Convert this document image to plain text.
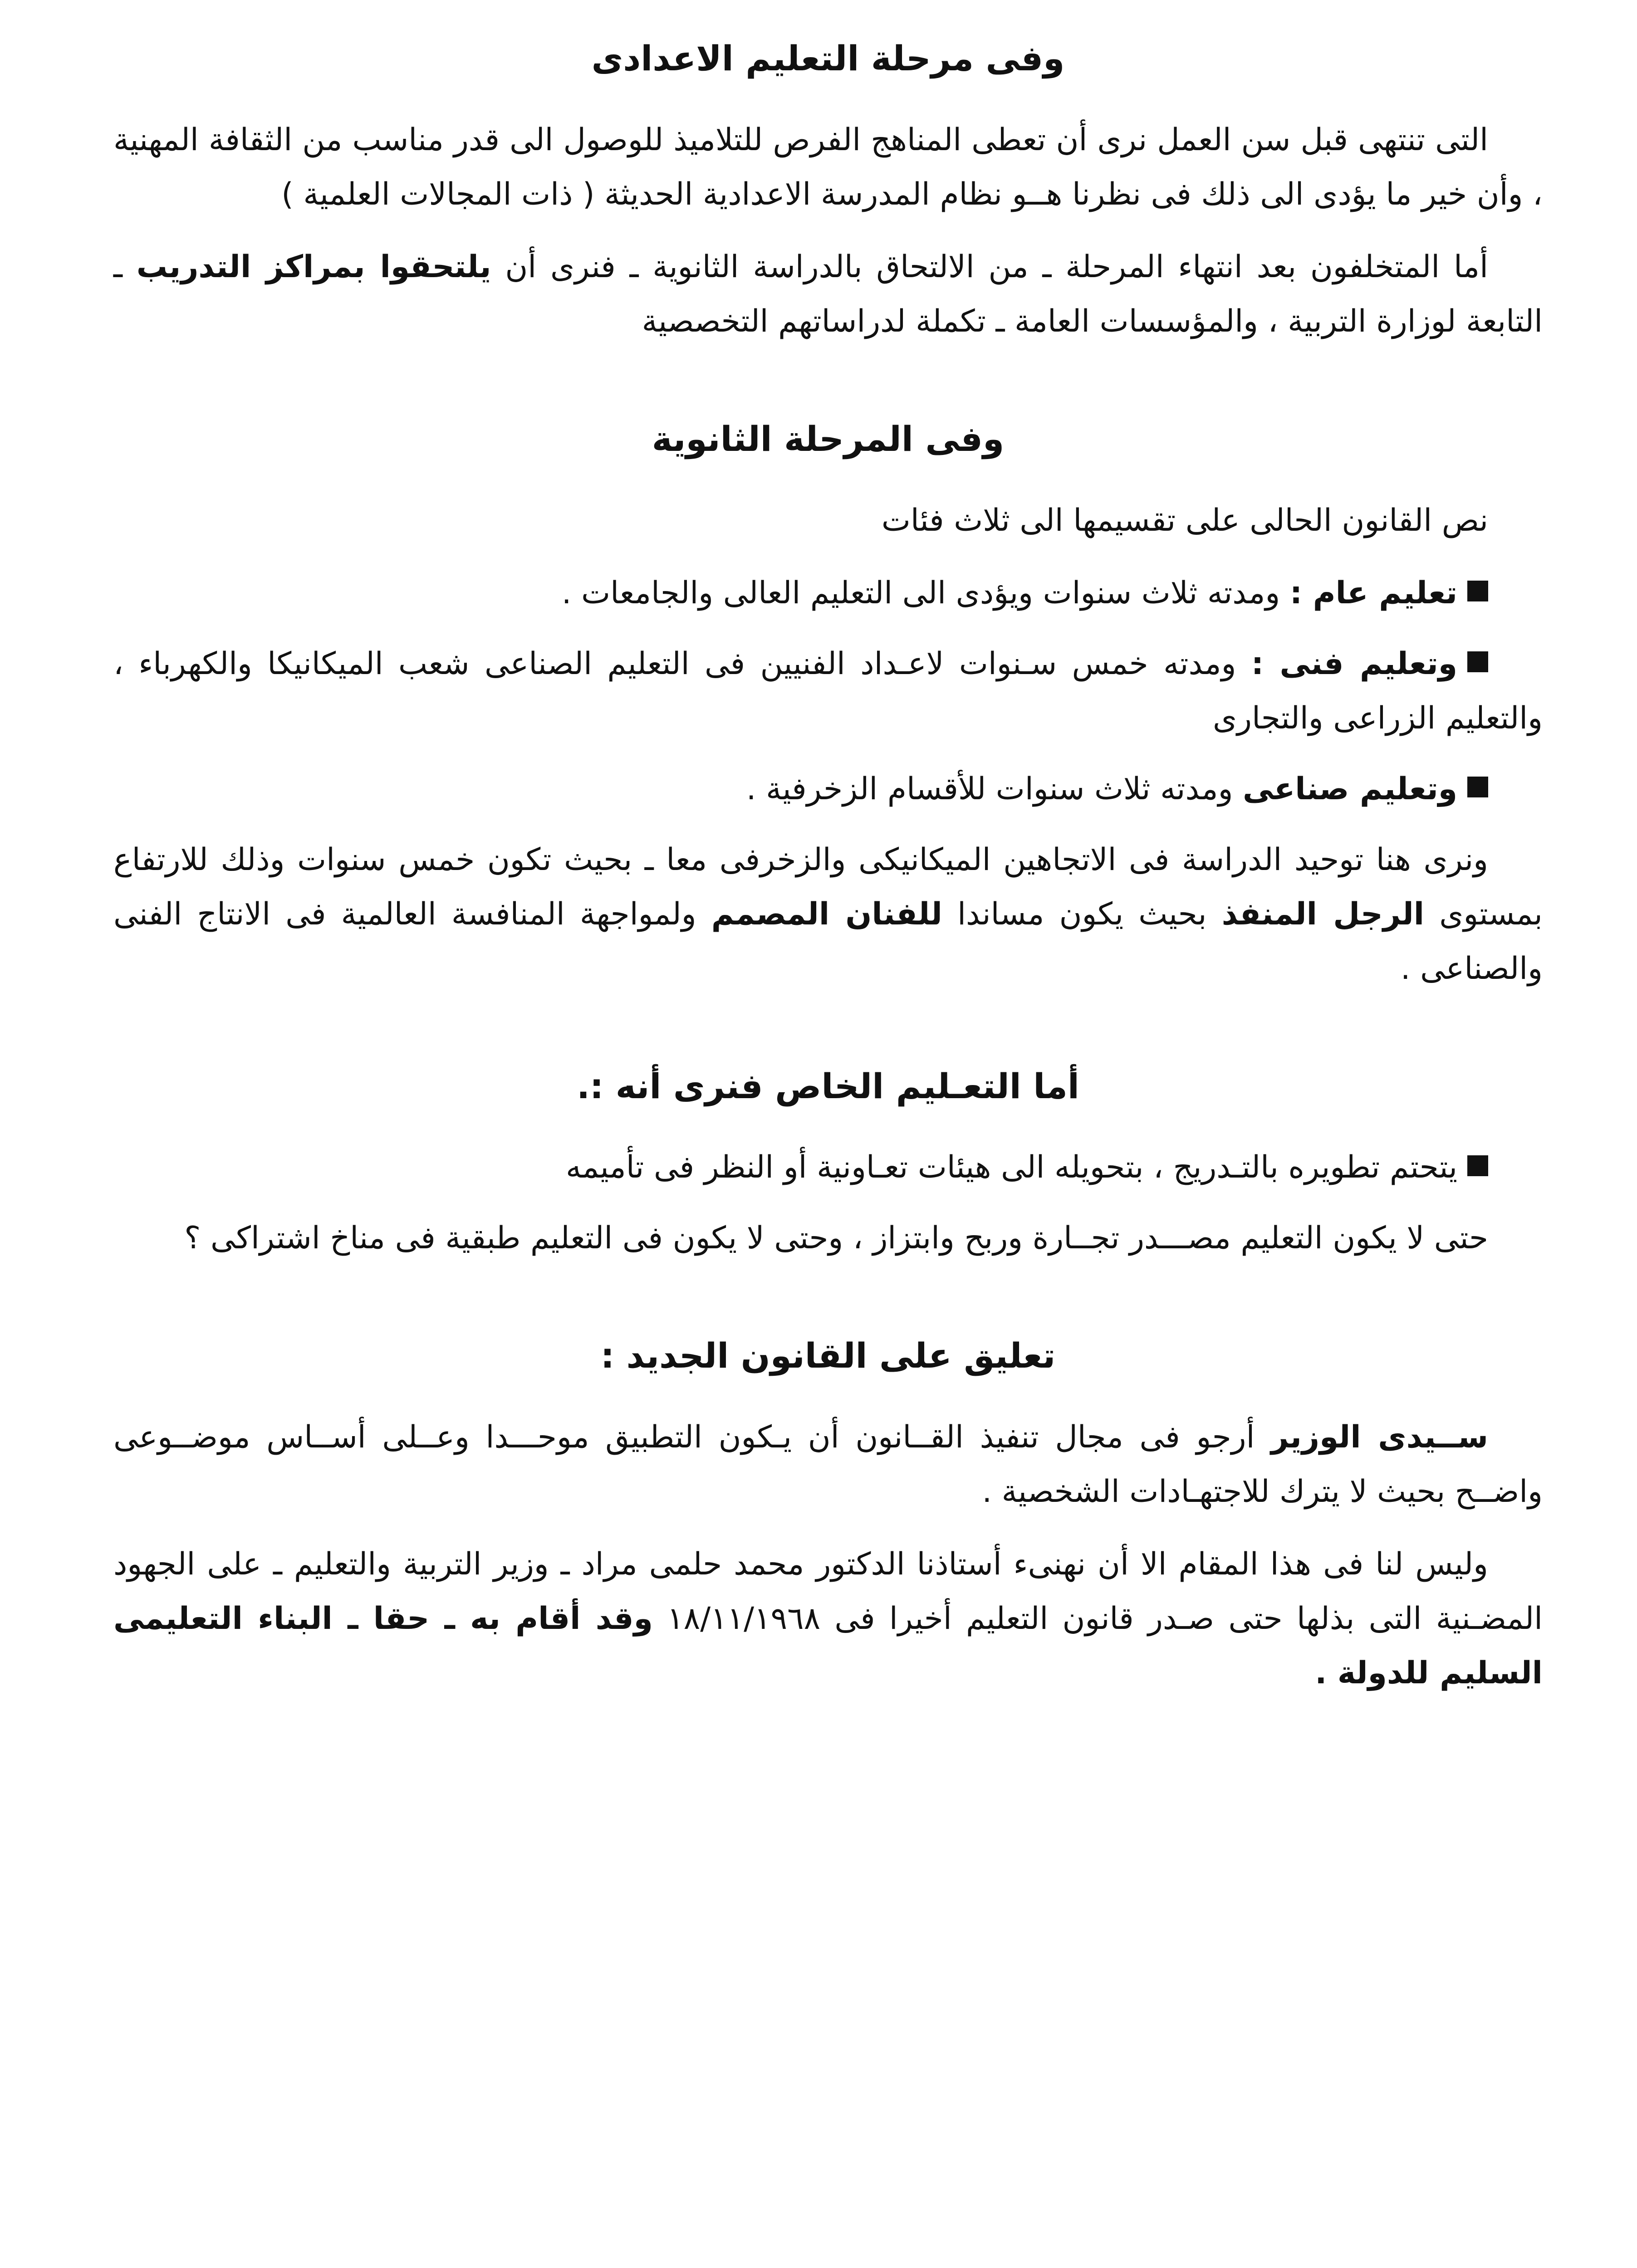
وفى مرحلة التعليم الاعدادى

التى تنتهى قبل سن العمل نرى أن تعطى المناهج الفرص للتلاميذ للوصول الى قدر مناسب من الثقافة المهنية ، وأن خير ما يؤدى الى ذلك فى نظرنا هــو نظام المدرسة الاعدادية الحديثة ( ذات المجالات العلمية )

أما المتخلفون بعد انتهاء المرحلة ـ من الالتحاق بالدراسة الثانوية ـ فنرى أن يلتحقوا بمراكز التدريب ـ التابعة لوزارة التربية ، والمؤسسات العامة ـ تكملة لدراساتهم التخصصية

وفى المرحلة الثانوية

نص القانون الحالى على تقسيمها الى ثلاث فئات

تعليم عام : ومدته ثلاث سنوات ويؤدى الى التعليم العالى والجامعات .

وتعليم فنى : ومدته خمس سـنوات لاعـداد الفنيين فى التعليم الصناعى شعب الميكانيكا والكهرباء ، والتعليم الزراعى والتجارى

وتعليم صناعى ومدته ثلاث سنوات للأقسام الزخرفية .

ونرى هنا توحيد الدراسة فى الاتجاهين الميكانيكى والزخرفى معا ـ بحيث تكون خمس سنوات وذلك للارتفاع بمستوى الرجل المنفذ بحيث يكون مساندا للفنان المصمم ولمواجهة المنافسة العالمية فى الانتاج الفنى والصناعى .

أما التعـليم الخاص فنرى أنه :.

يتحتم تطويره بالتـدريج ، بتحويله الى هيئات تعـاونية أو النظر فى تأميمه

حتى لا يكون التعليم مصـــدر تجــارة وربح وابتزاز ، وحتى لا يكون فى التعليم طبقية فى مناخ اشتراكى ؟

تعليق على القانون الجديد :

ســيدى الوزير أرجو فى مجال تنفيذ القــانون أن يـكون التطبيق موحـــدا وعــلى أســاس موضــوعى واضــح بحيث لا يترك للاجتهـادات الشخصية .

وليس لنا فى هذا المقام الا أن نهنىء أستاذنا الدكتور محمد حلمى مراد ـ وزير التربية والتعليم ـ على الجهود المضـنية التى بذلها حتى صـدر قانون التعليم أخيرا فى ١٨/١١/١٩٦٨ وقد أقام به ـ حقا ـ البناء التعليمى السليم للدولة .
